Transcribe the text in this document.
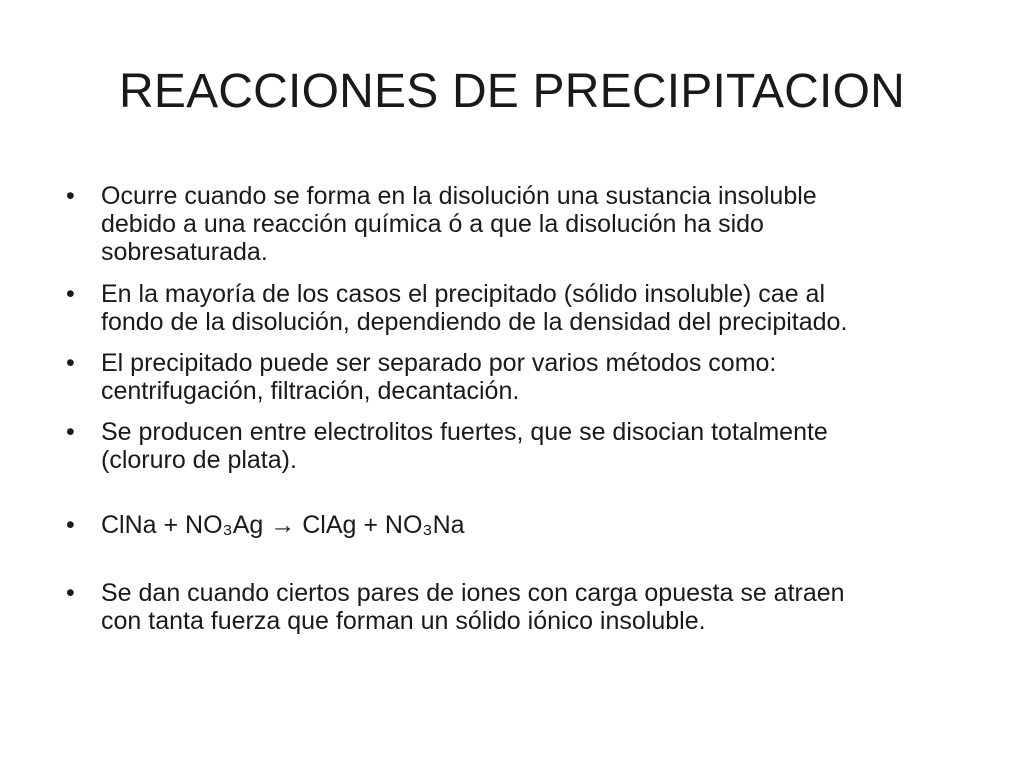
REACCIONES DE PRECIPITACION
•	Ocurre cuando se forma en la disolución una sustancia insoluble
debido a una reacción química ó a que la disolución ha sido
sobresaturada.
•	En la mayoría de los casos el precipitado (sólido insoluble) cae al
fondo de la disolución, dependiendo de la densidad del precipitado.
•	El precipitado puede ser separado por varios métodos como:
centrifugación, filtración, decantación.
•	Se producen entre electrolitos fuertes, que se disocian totalmente
(cloruro de plata).
•	ClNa + NO₃Ag → ClAg + NO₃Na
•	Se dan cuando ciertos pares de iones con carga opuesta se atraen
con tanta fuerza que forman un sólido iónico insoluble.
